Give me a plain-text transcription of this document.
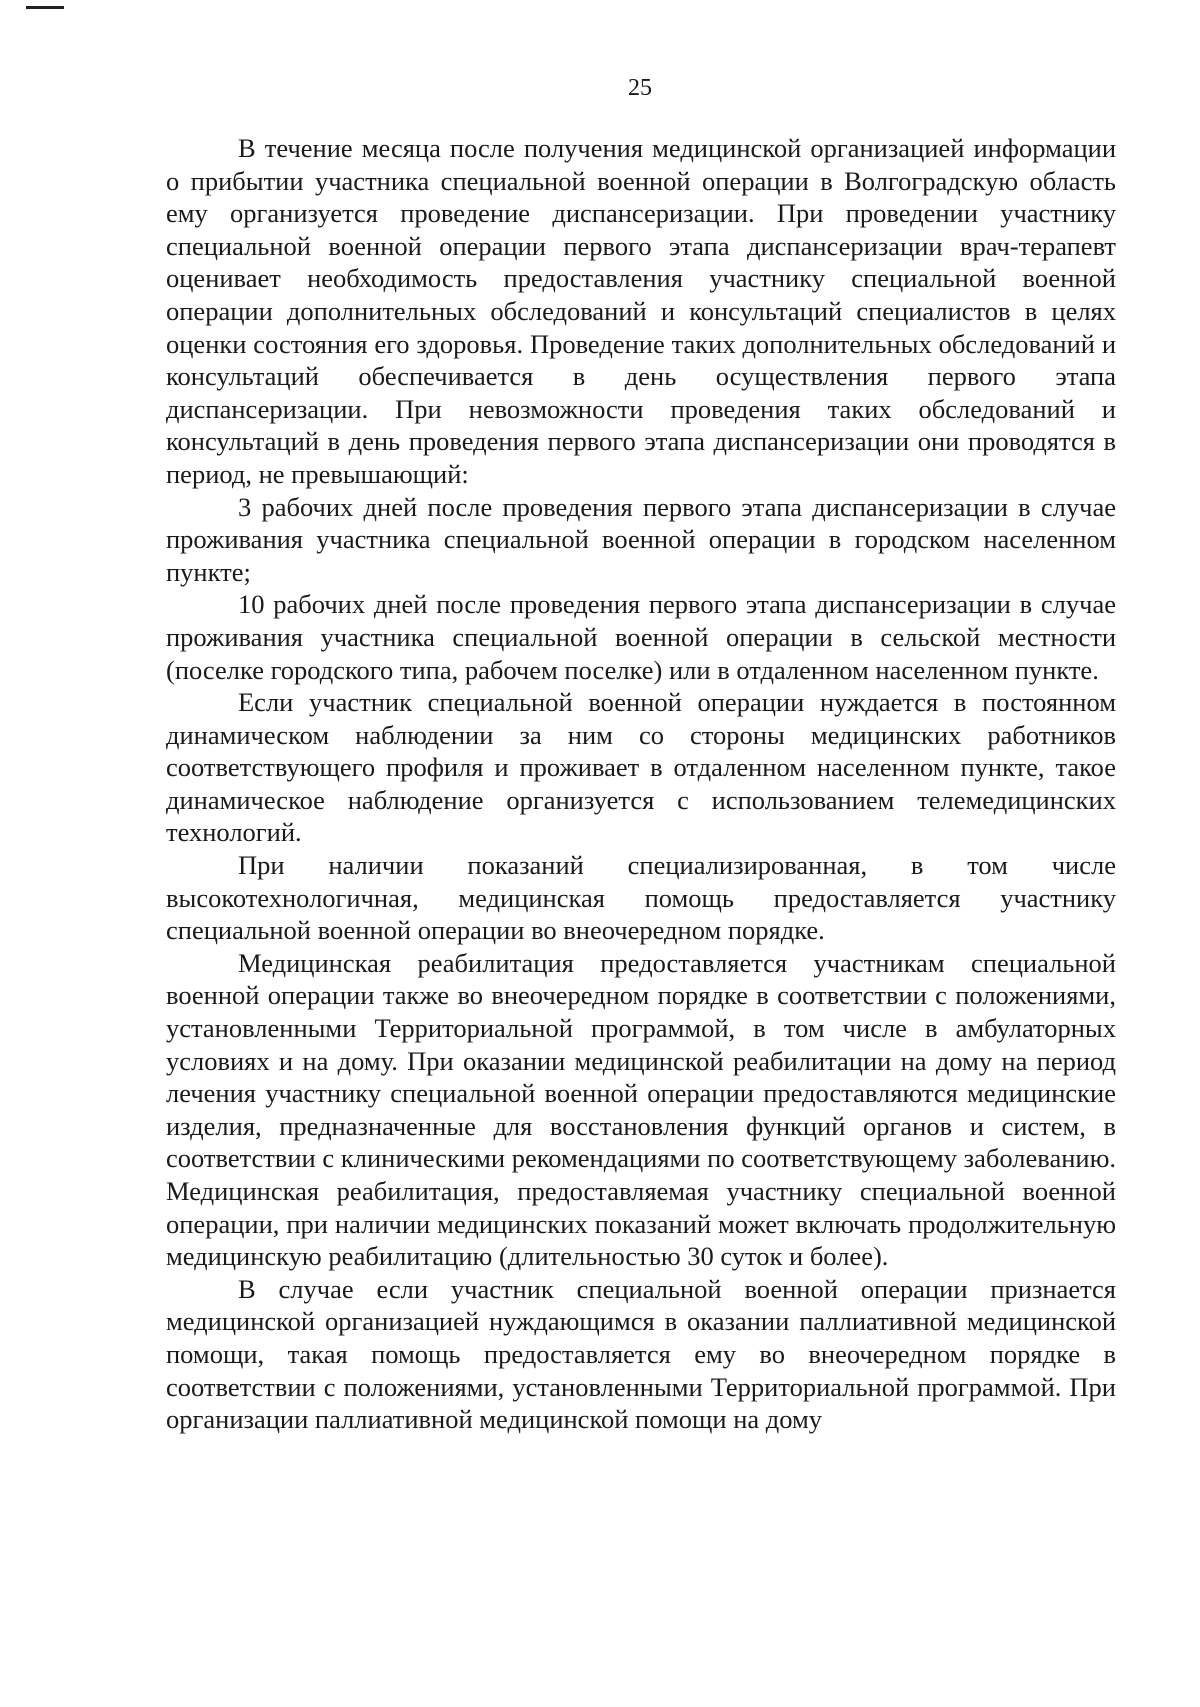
25

В течение месяца после получения медицинской организацией информации о прибытии участника специальной военной операции в Волгоградскую область ему организуется проведение диспансеризации. При проведении участнику специальной военной операции первого этапа диспансеризации врач-терапевт оценивает необходимость предоставления участнику специальной военной операции дополнительных обследований и консультаций специалистов в целях оценки состояния его здоровья. Проведение таких дополнительных обследований и консультаций обеспечивается в день осуществления первого этапа диспансеризации. При невозможности проведения таких обследований и консультаций в день проведения первого этапа диспансеризации они проводятся в период, не превышающий:

3 рабочих дней после проведения первого этапа диспансеризации в случае проживания участника специальной военной операции в городском населенном пункте;

10 рабочих дней после проведения первого этапа диспансеризации в случае проживания участника специальной военной операции в сельской местности (поселке городского типа, рабочем поселке) или в отдаленном населенном пункте.

Если участник специальной военной операции нуждается в постоянном динамическом наблюдении за ним со стороны медицинских работников соответствующего профиля и проживает в отдаленном населенном пункте, такое динамическое наблюдение организуется с использованием телемедицинских технологий.

При наличии показаний специализированная, в том числе высокотехнологичная, медицинская помощь предоставляется участнику специальной военной операции во внеочередном порядке.

Медицинская реабилитация предоставляется участникам специальной военной операции также во внеочередном порядке в соответствии с положениями, установленными Территориальной программой, в том числе в амбулаторных условиях и на дому. При оказании медицинской реабилитации на дому на период лечения участнику специальной военной операции предоставляются медицинские изделия, предназначенные для восстановления функций органов и систем, в соответствии с клиническими рекомендациями по соответствующему заболеванию. Медицинская реабилитация, предоставляемая участнику специальной военной операции, при наличии медицинских показаний может включать продолжительную медицинскую реабилитацию (длительностью 30 суток и более).

В случае если участник специальной военной операции признается медицинской организацией нуждающимся в оказании паллиативной медицинской помощи, такая помощь предоставляется ему во внеочередном порядке в соответствии с положениями, установленными Территориальной программой. При организации паллиативной медицинской помощи на дому
